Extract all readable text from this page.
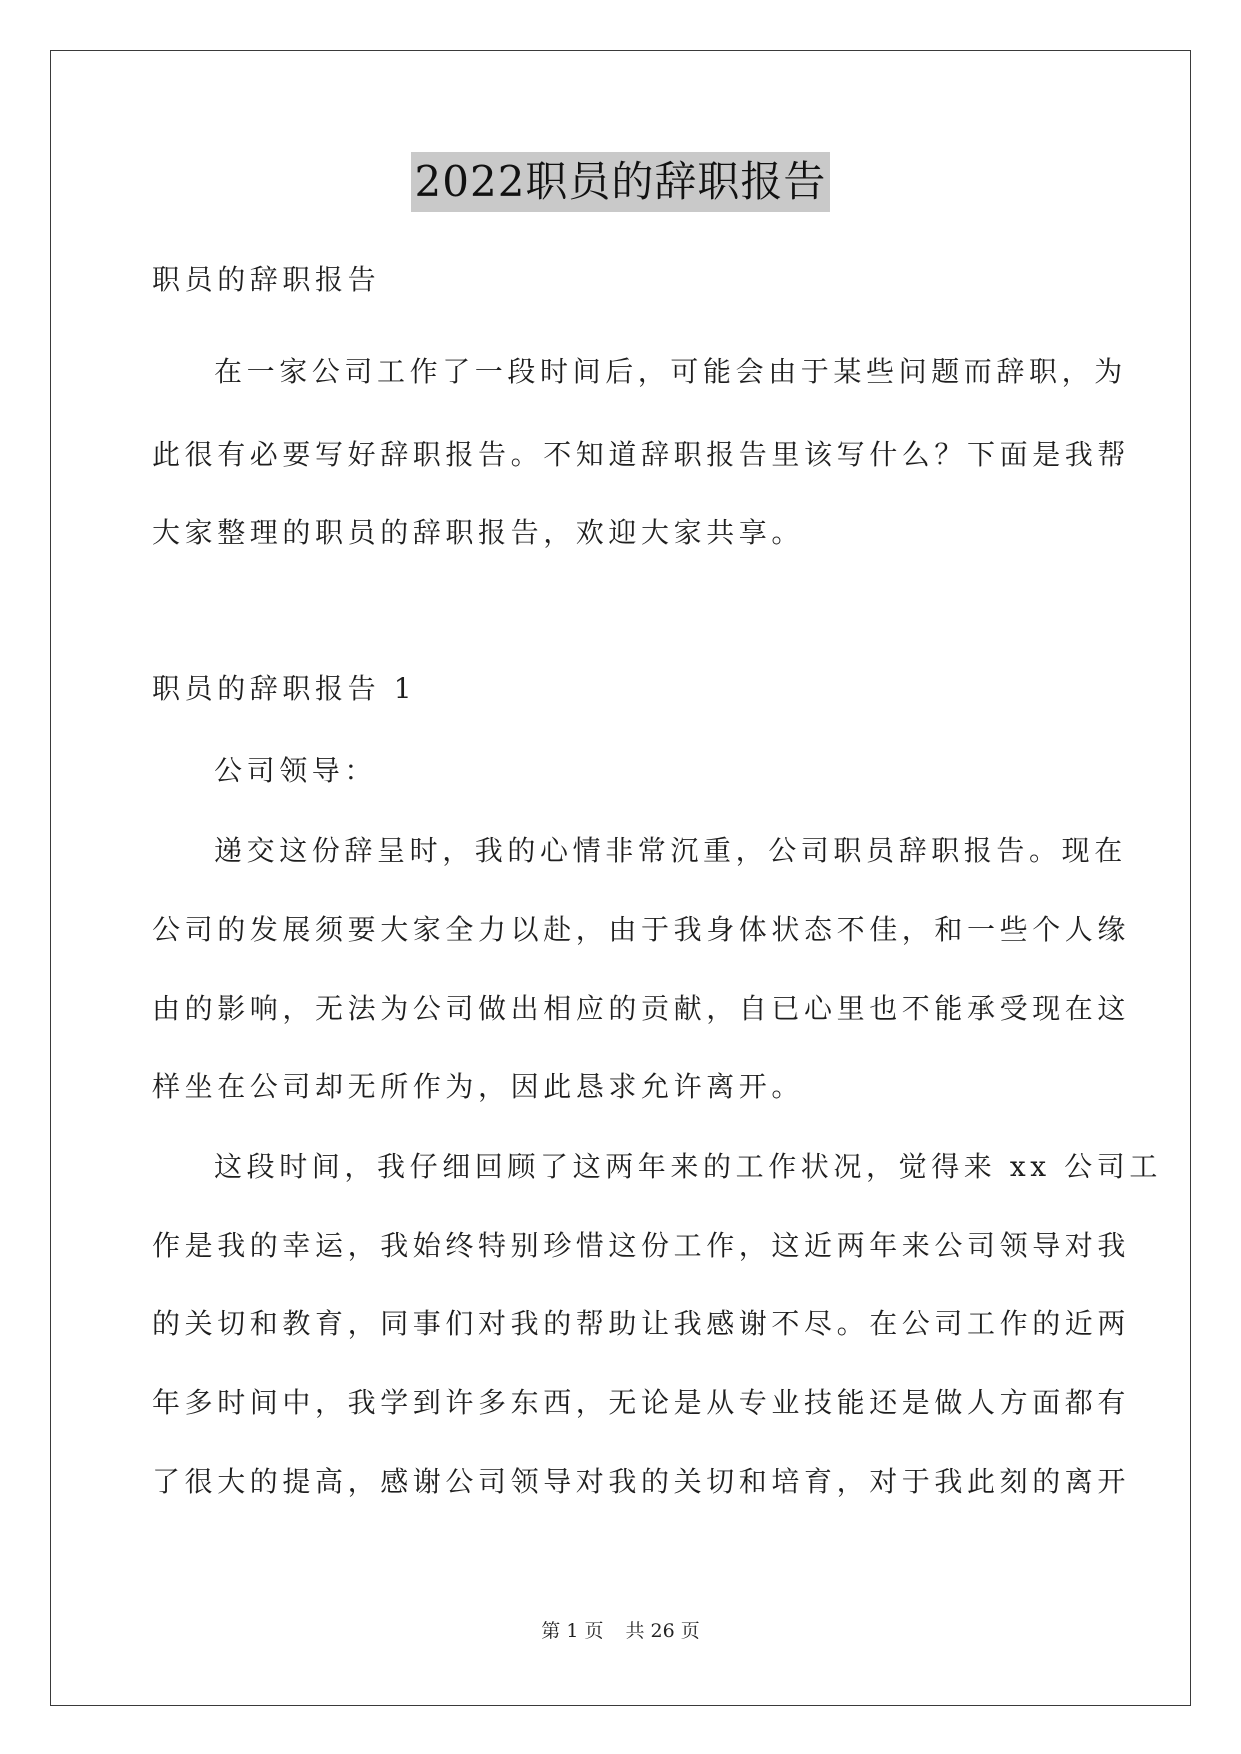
2022职员的辞职报告
职员的辞职报告
在一家公司工作了一段时间后，可能会由于某些问题而辞职，为
此很有必要写好辞职报告。不知道辞职报告里该写什么？下面是我帮
大家整理的职员的辞职报告，欢迎大家共享。
职员的辞职报告 1
公司领导：
递交这份辞呈时，我的心情非常沉重，公司职员辞职报告。现在
公司的发展须要大家全力以赴，由于我身体状态不佳，和一些个人缘
由的影响，无法为公司做出相应的贡献，自已心里也不能承受现在这
样坐在公司却无所作为，因此恳求允许离开。
这段时间，我仔细回顾了这两年来的工作状况，觉得来 xx 公司工
作是我的幸运，我始终特别珍惜这份工作，这近两年来公司领导对我
的关切和教育，同事们对我的帮助让我感谢不尽。在公司工作的近两
年多时间中，我学到许多东西，无论是从专业技能还是做人方面都有
了很大的提高，感谢公司领导对我的关切和培育，对于我此刻的离开
第 1 页 共 26 页
